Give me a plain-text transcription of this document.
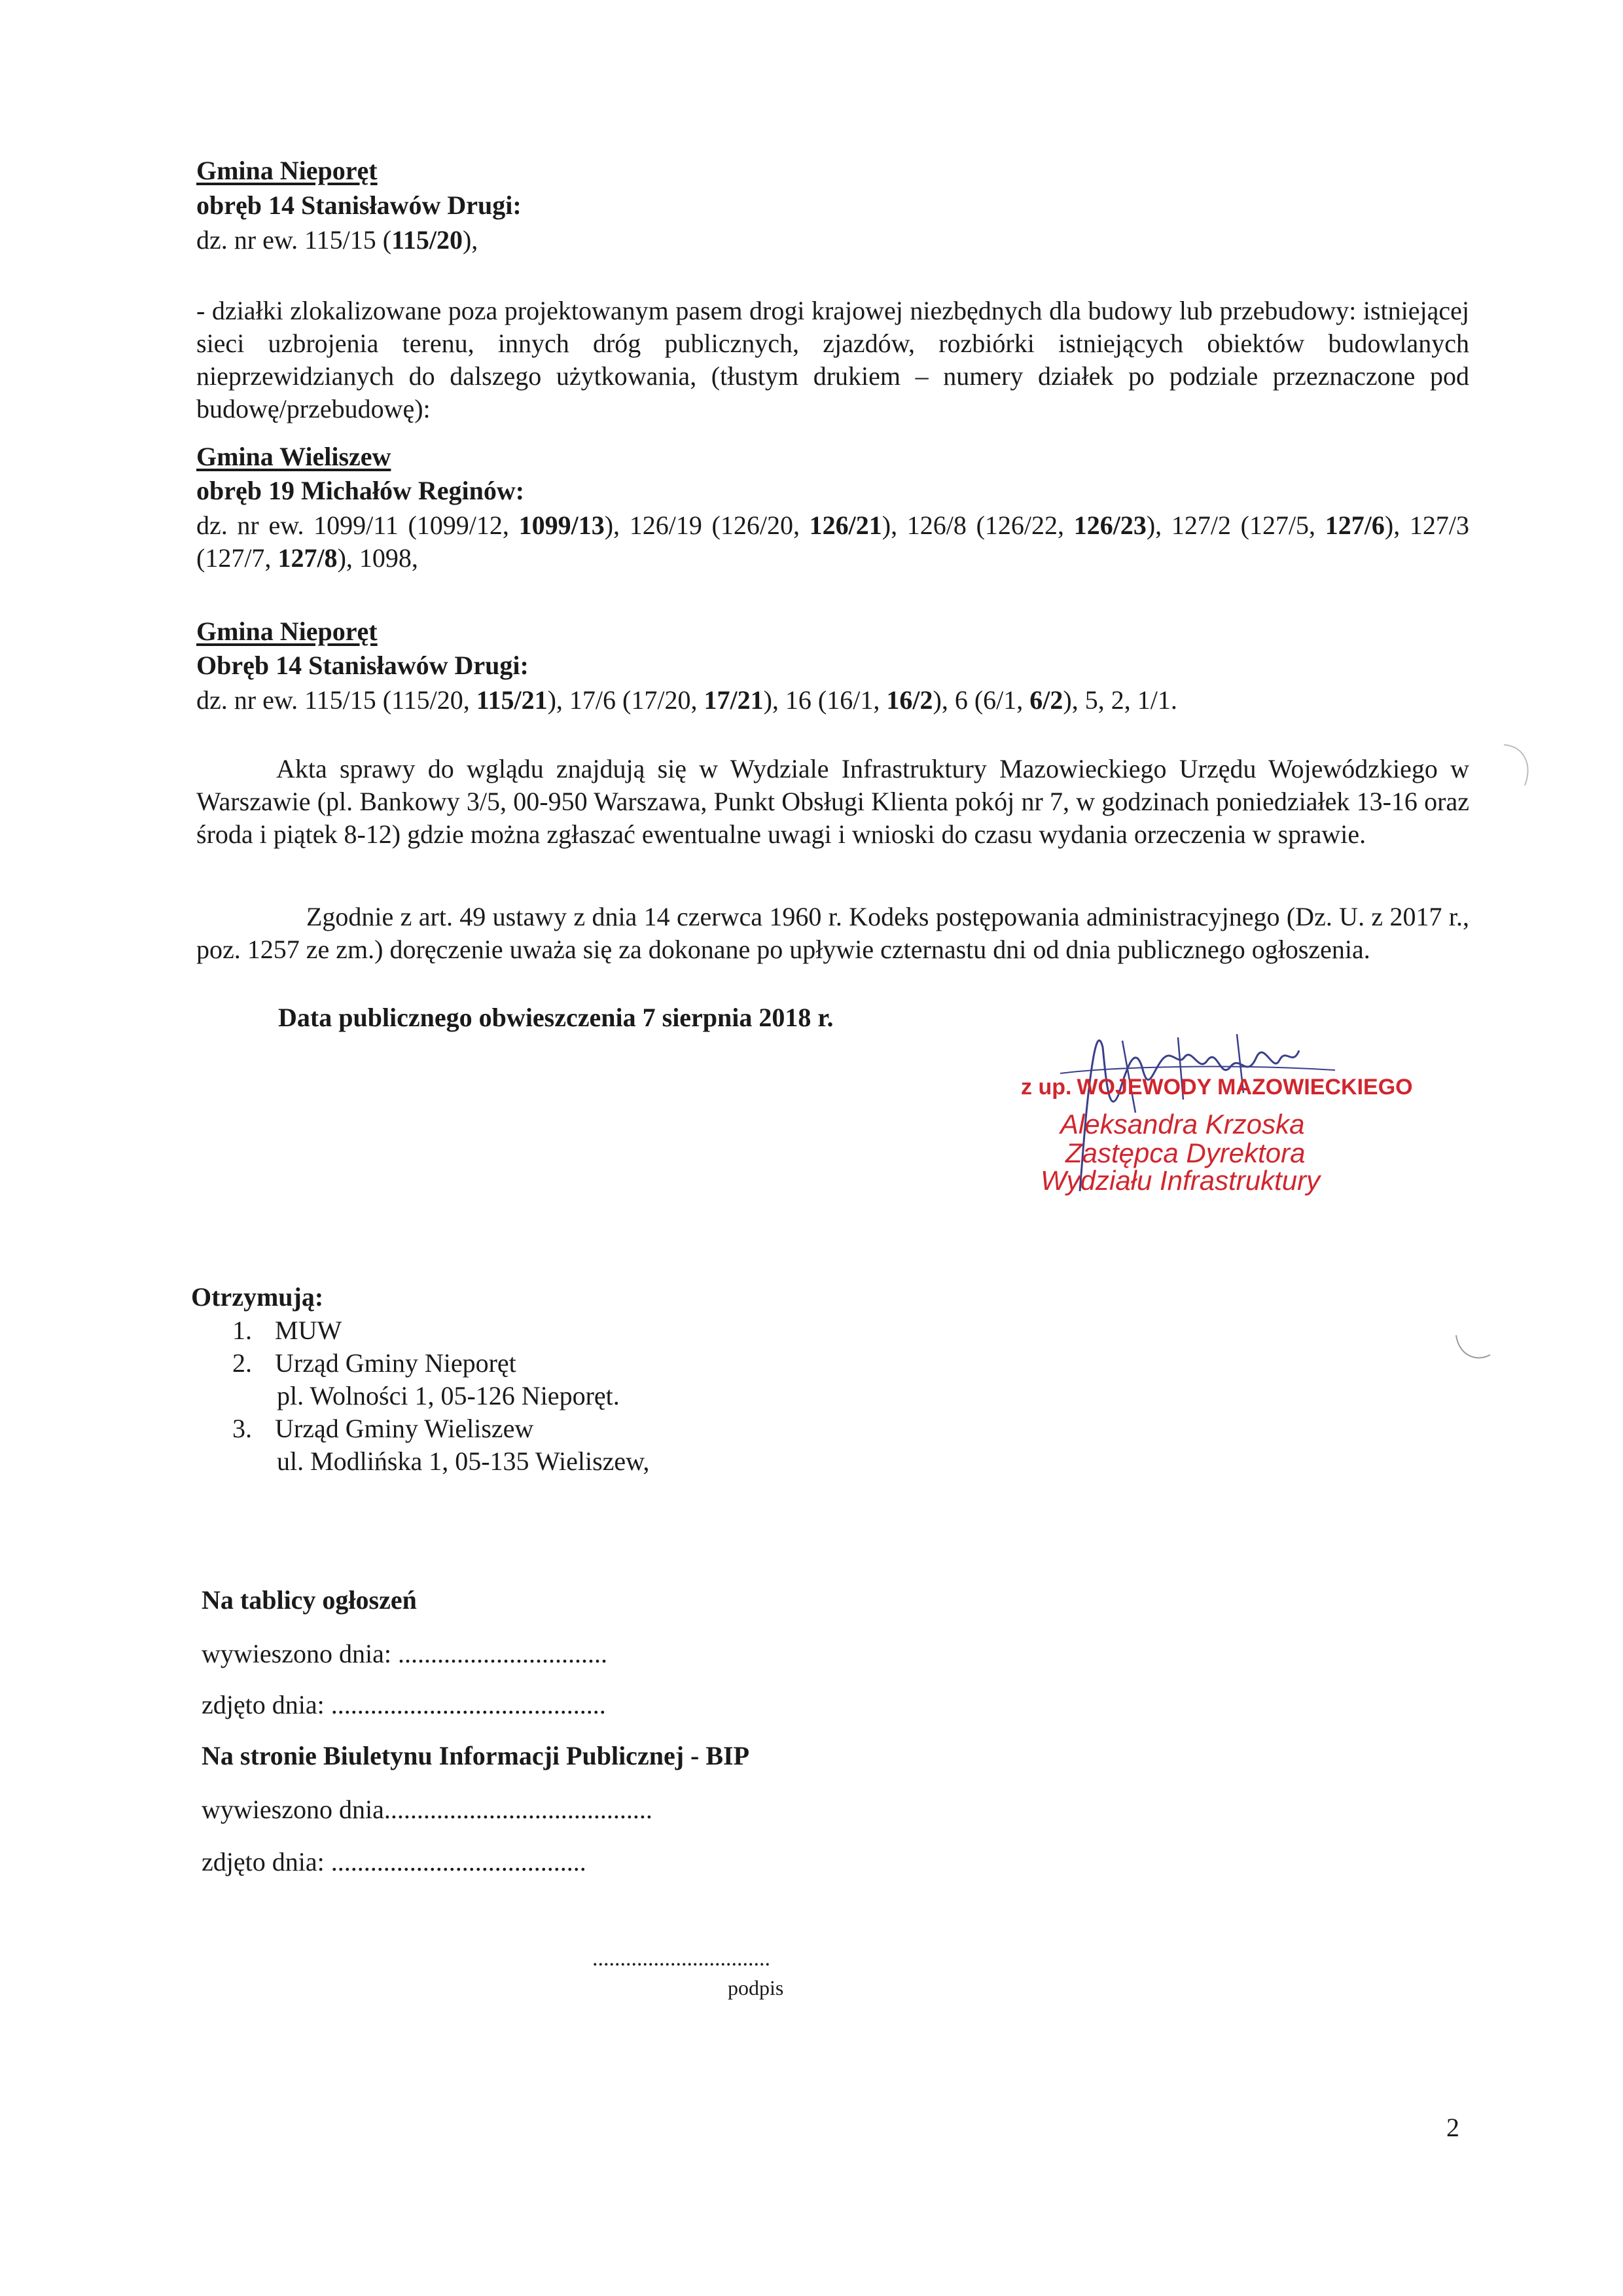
Gmina Nieporęt
obręb 14 Stanisławów Drugi:
dz. nr ew. 115/15 (115/20),
- działki zlokalizowane poza projektowanym pasem drogi krajowej niezbędnych dla budowy lub przebudowy: istniejącej sieci uzbrojenia terenu, innych dróg publicznych, zjazdów, rozbiórki istniejących obiektów budowlanych nieprzewidzianych do dalszego użytkowania, (tłustym drukiem – numery działek po podziale przeznaczone pod budowę/przebudowę):
Gmina Wieliszew
obręb 19 Michałów Reginów:
dz. nr ew. 1099/11 (1099/12, 1099/13), 126/19 (126/20, 126/21), 126/8 (126/22, 126/23), 127/2 (127/5, 127/6), 127/3 (127/7, 127/8), 1098,
Gmina Nieporęt
Obręb 14 Stanisławów Drugi:
dz. nr ew. 115/15 (115/20, 115/21), 17/6 (17/20, 17/21), 16 (16/1, 16/2), 6 (6/1, 6/2), 5, 2, 1/1.
Akta sprawy do wglądu znajdują się w Wydziale Infrastruktury Mazowieckiego Urzędu Wojewódzkiego w Warszawie (pl. Bankowy 3/5, 00-950 Warszawa, Punkt Obsługi Klienta pokój nr 7, w godzinach poniedziałek 13-16 oraz środa i piątek 8-12) gdzie można zgłaszać ewentualne uwagi i wnioski do czasu wydania orzeczenia w sprawie.
Zgodnie z art. 49 ustawy z dnia 14 czerwca 1960 r. Kodeks postępowania administracyjnego (Dz. U. z 2017 r., poz. 1257 ze zm.) doręczenie uważa się za dokonane po upływie czternastu dni od dnia publicznego ogłoszenia.
Data publicznego obwieszczenia 7 sierpnia 2018 r.
z up. WOJEWODY MAZOWIECKIEGO
Aleksandra Krzoska
Zastępca Dyrektora
Wydziału Infrastruktury
Otrzymują:
1. MUW
2. Urząd Gminy Nieporęt
pl. Wolności 1, 05-126 Nieporęt.
3. Urząd Gminy Wieliszew
ul. Modlińska 1, 05-135 Wieliszew,
Na tablicy ogłoszeń
wywieszono dnia: ................................
zdjęto dnia: ..........................................
Na stronie Biuletynu Informacji Publicznej - BIP
wywieszono dnia.........................................
zdjęto dnia: .......................................
................................
podpis
2
